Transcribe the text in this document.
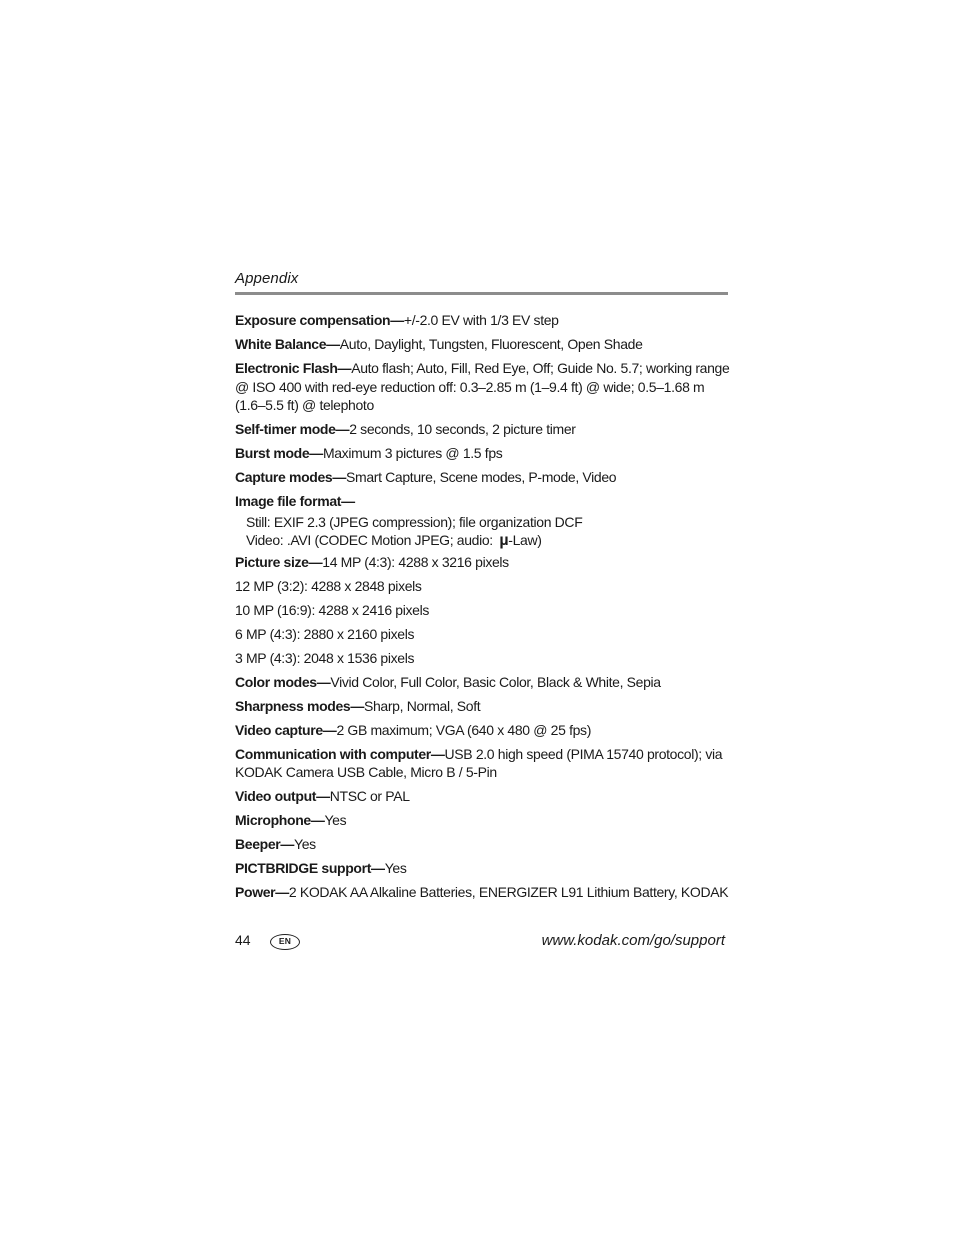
Appendix
Exposure compensation—+/-2.0 EV with 1/3 EV step
White Balance—Auto, Daylight, Tungsten, Fluorescent, Open Shade
Electronic Flash—Auto flash; Auto, Fill, Red Eye, Off; Guide No. 5.7; working range @ ISO 400 with red-eye reduction off: 0.3–2.85 m (1–9.4 ft) @ wide; 0.5–1.68 m (1.6–5.5 ft) @ telephoto
Self-timer mode—2 seconds, 10 seconds, 2 picture timer
Burst mode—Maximum 3 pictures @ 1.5 fps
Capture modes—Smart Capture, Scene modes, P-mode, Video
Image file format—
Still: EXIF 2.3 (JPEG compression); file organization DCF
Video: .AVI (CODEC Motion JPEG; audio: µ-Law)
Picture size—14 MP (4:3): 4288 x 3216 pixels
12 MP (3:2): 4288 x 2848 pixels
10 MP (16:9): 4288 x 2416 pixels
6 MP (4:3): 2880 x 2160 pixels
3 MP (4:3): 2048 x 1536 pixels
Color modes—Vivid Color, Full Color, Basic Color, Black & White, Sepia
Sharpness modes—Sharp, Normal, Soft
Video capture—2 GB maximum; VGA (640 x 480 @ 25 fps)
Communication with computer—USB 2.0 high speed (PIMA 15740 protocol); via KODAK Camera USB Cable, Micro B / 5-Pin
Video output—NTSC or PAL
Microphone—Yes
Beeper—Yes
PICTBRIDGE support—Yes
Power—2 KODAK AA Alkaline Batteries, ENERGIZER L91 Lithium Battery, KODAK
44	EN	www.kodak.com/go/support
